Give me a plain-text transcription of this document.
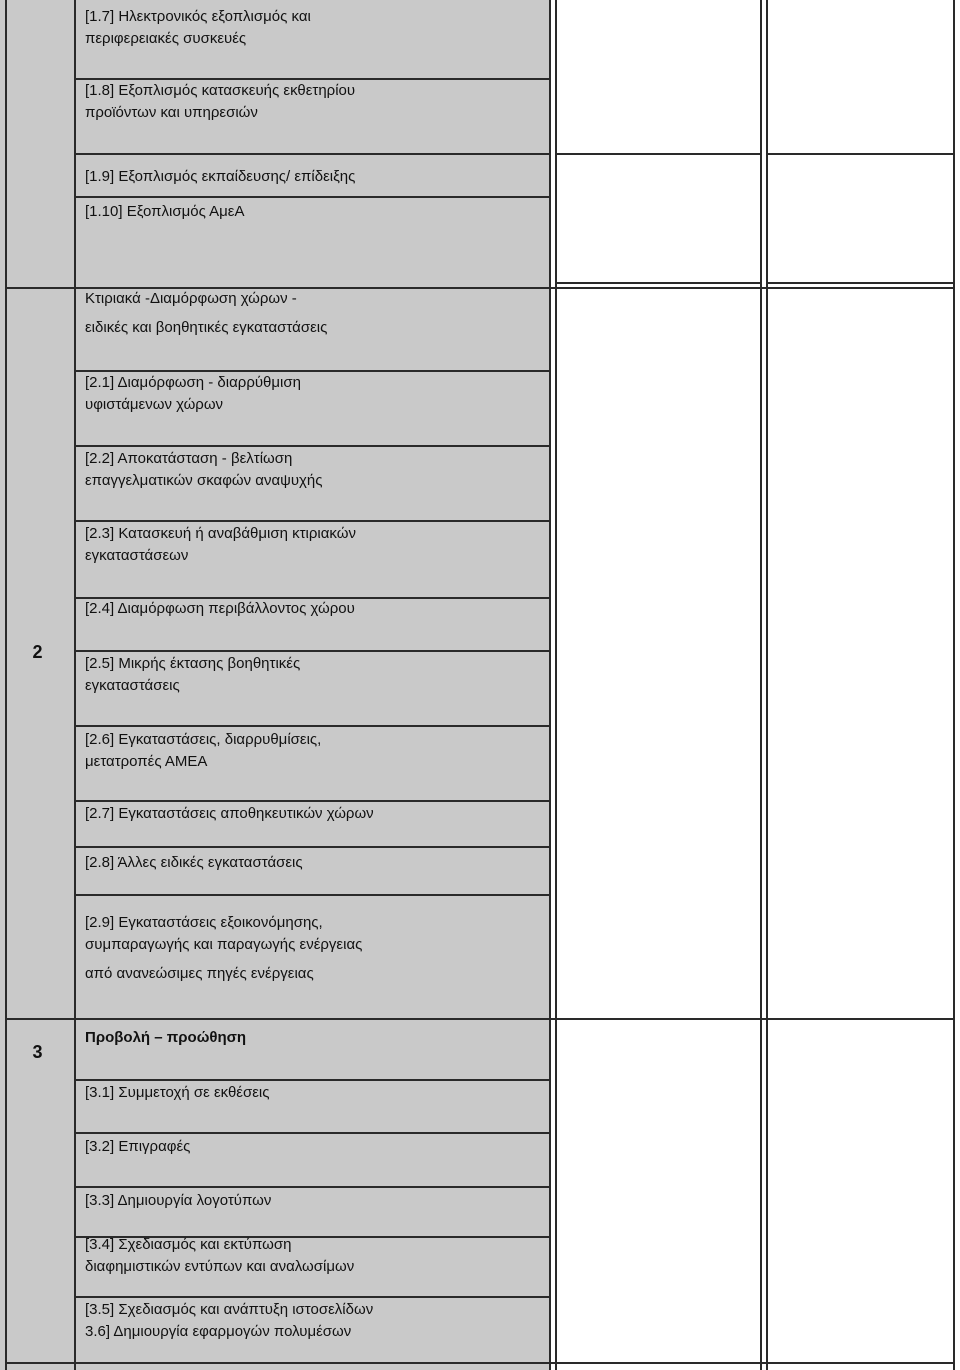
[1.7] Ηλεκτρονικός εξοπλισμός και
περιφερειακές συσκευές
[1.8] Εξοπλισμός κατασκευής εκθετηρίου
προϊόντων και υπηρεσιών
[1.9] Εξοπλισμός εκπαίδευσης/ επίδειξης
[1.10] Εξοπλισμός ΑμεΑ
2
Κτιριακά -Διαμόρφωση χώρων -
ειδικές και βοηθητικές εγκαταστάσεις
[2.1] Διαμόρφωση - διαρρύθμιση
υφιστάμενων χώρων
[2.2] Αποκατάσταση - βελτίωση
επαγγελματικών σκαφών αναψυχής
[2.3] Κατασκευή ή αναβάθμιση κτιριακών
εγκαταστάσεων
[2.4] Διαμόρφωση περιβάλλοντος χώρου
[2.5] Μικρής έκτασης βοηθητικές
εγκαταστάσεις
[2.6] Εγκαταστάσεις, διαρρυθμίσεις,
μετατροπές ΑΜΕΑ
[2.7] Εγκαταστάσεις αποθηκευτικών χώρων
[2.8] Άλλες ειδικές εγκαταστάσεις
[2.9] Εγκαταστάσεις εξοικονόμησης,
συμπαραγωγής και παραγωγής ενέργειας
από ανανεώσιμες πηγές ενέργειας
3
Προβολή – προώθηση
[3.1] Συμμετοχή σε εκθέσεις
[3.2] Επιγραφές
[3.3] Δημιουργία λογοτύπων
[3.4] Σχεδιασμός και εκτύπωση
διαφημιστικών εντύπων και αναλωσίμων
[3.5] Σχεδιασμός και ανάπτυξη ιστοσελίδων
3.6] Δημιουργία εφαρμογών πολυμέσων
